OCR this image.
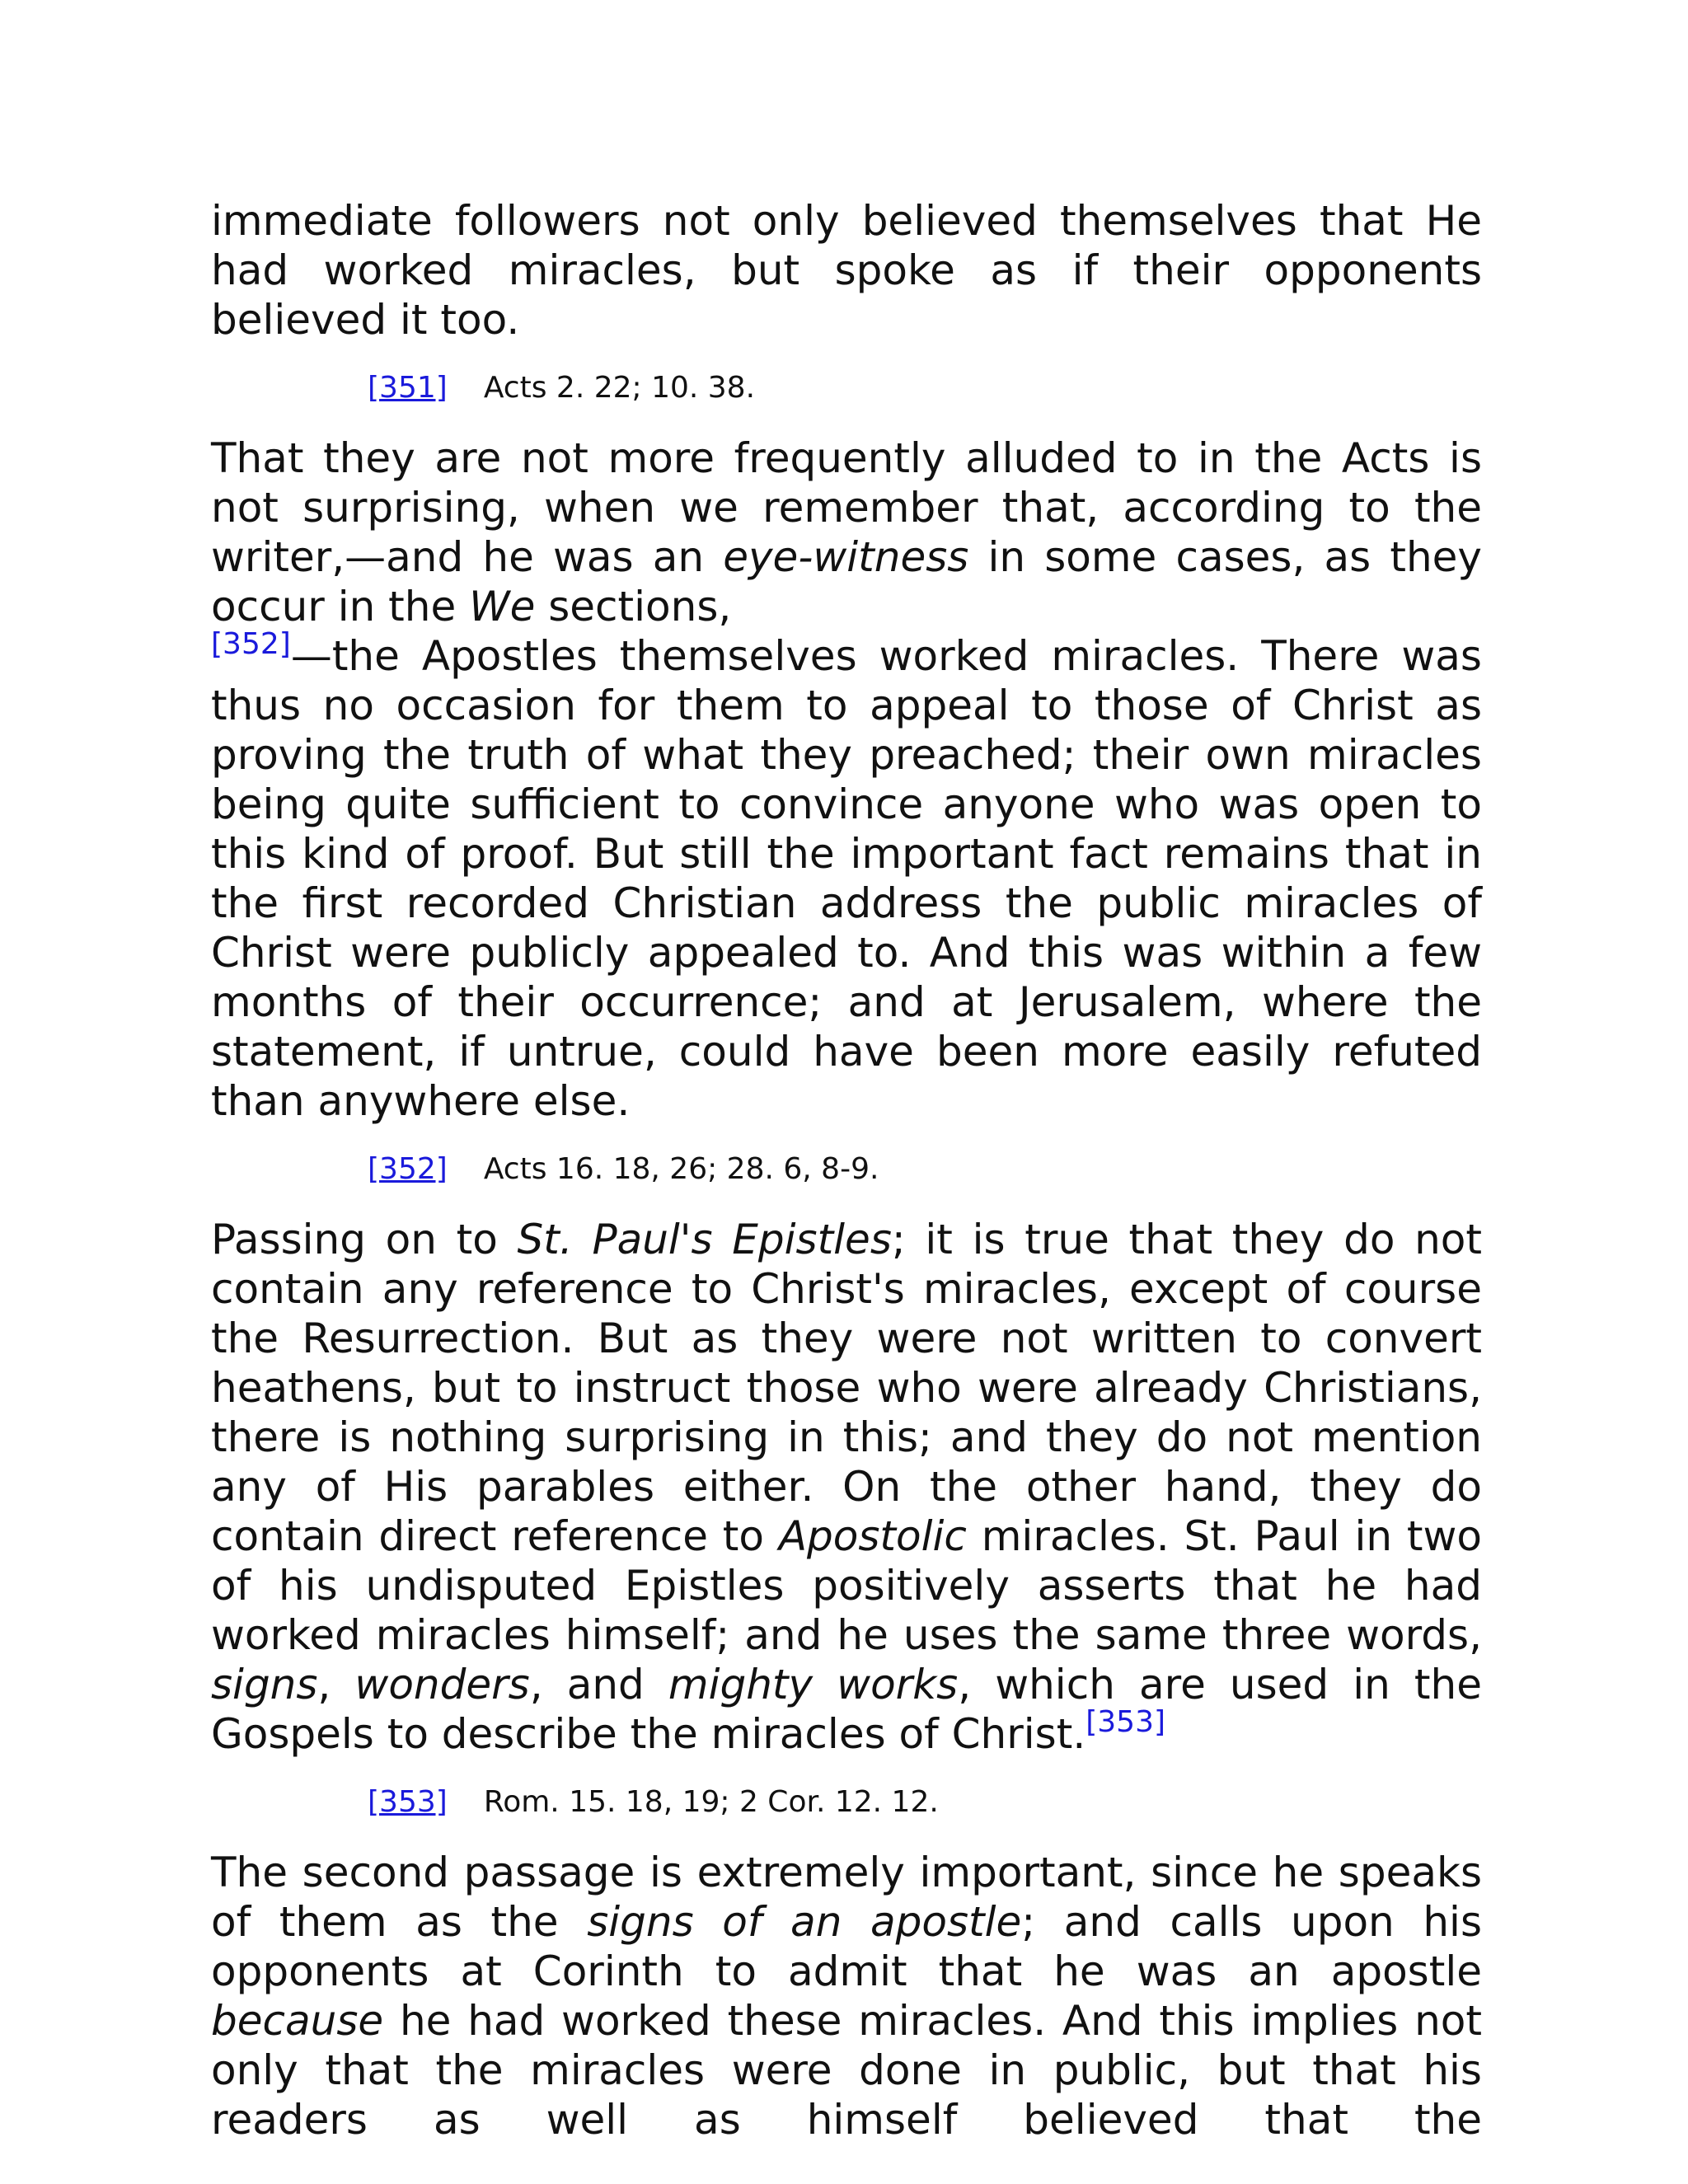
immediate followers not only believed themselves that He had worked miracles, but spoke as if their opponents believed it too.

[351] Acts 2. 22; 10. 38.

That they are not more frequently alluded to in the Acts is not surprising, when we remember that, according to the writer,—and he was an eye-witness in some cases, as they occur in the We sections,
[352]—the Apostles themselves worked miracles. There was thus no occasion for them to appeal to those of Christ as proving the truth of what they preached; their own miracles being quite sufficient to convince anyone who was open to this kind of proof. But still the important fact remains that in the first recorded Christian address the public miracles of Christ were publicly appealed to. And this was within a few months of their occurrence; and at Jerusalem, where the statement, if untrue, could have been more easily refuted than anywhere else.

[352] Acts 16. 18, 26; 28. 6, 8-9.

Passing on to St. Paul's Epistles; it is true that they do not contain any reference to Christ's miracles, except of course the Resurrection. But as they were not written to convert heathens, but to instruct those who were already Christians, there is nothing surprising in this; and they do not mention any of His parables either. On the other hand, they do contain direct reference to Apostolic miracles. St. Paul in two of his undisputed Epistles positively asserts that he had worked miracles himself; and he uses the same three words, signs, wonders, and mighty works, which are used in the Gospels to describe the miracles of Christ.[353]

[353] Rom. 15. 18, 19; 2 Cor. 12. 12.

The second passage is extremely important, since he speaks of them as the signs of an apostle; and calls upon his opponents at Corinth to admit that he was an apostle because he had worked these miracles. And this implies not only that the miracles were done in public, but that his readers as well as himself believed that the
